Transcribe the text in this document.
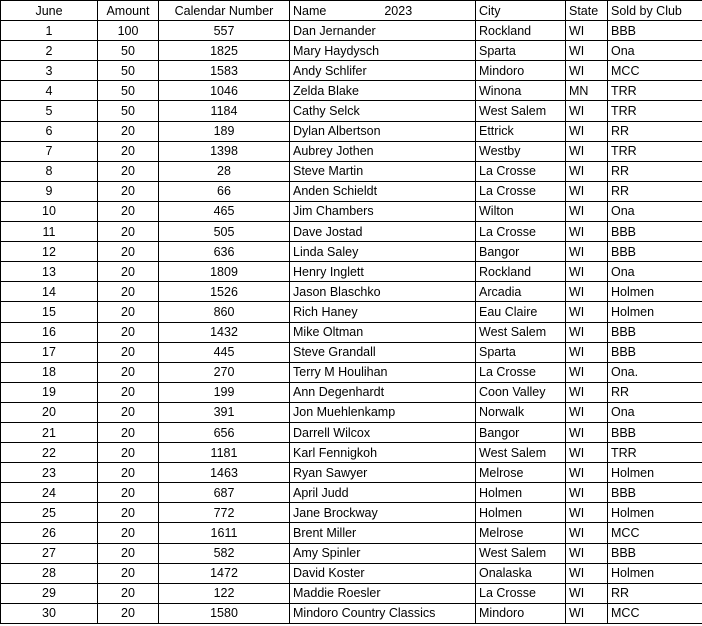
June	Amount	Calendar Number	Name 2023	City	State	Sold by Club
1	100	557	Dan Jernander	Rockland	WI	BBB
2	50	1825	Mary Haydysch	Sparta	WI	Ona
3	50	1583	Andy Schlifer	Mindoro	WI	MCC
4	50	1046	Zelda Blake	Winona	MN	TRR
5	50	1184	Cathy Selck	West Salem	WI	TRR
6	20	189	Dylan Albertson	Ettrick	WI	RR
7	20	1398	Aubrey Jothen	Westby	WI	TRR
8	20	28	Steve Martin	La Crosse	WI	RR
9	20	66	Anden Schieldt	La Crosse	WI	RR
10	20	465	Jim Chambers	Wilton	WI	Ona
11	20	505	Dave Jostad	La Crosse	WI	BBB
12	20	636	Linda Saley	Bangor	WI	BBB
13	20	1809	Henry Inglett	Rockland	WI	Ona
14	20	1526	Jason Blaschko	Arcadia	WI	Holmen
15	20	860	Rich Haney	Eau Claire	WI	Holmen
16	20	1432	Mike Oltman	West Salem	WI	BBB
17	20	445	Steve Grandall	Sparta	WI	BBB
18	20	270	Terry M Houlihan	La Crosse	WI	Ona.
19	20	199	Ann Degenhardt	Coon Valley	WI	RR
20	20	391	Jon Muehlenkamp	Norwalk	WI	Ona
21	20	656	Darrell Wilcox	Bangor	WI	BBB
22	20	1181	Karl Fennigkoh	West Salem	WI	TRR
23	20	1463	Ryan Sawyer	Melrose	WI	Holmen
24	20	687	April Judd	Holmen	WI	BBB
25	20	772	Jane Brockway	Holmen	WI	Holmen
26	20	1611	Brent Miller	Melrose	WI	MCC
27	20	582	Amy Spinler	West Salem	WI	BBB
28	20	1472	David Koster	Onalaska	WI	Holmen
29	20	122	Maddie Roesler	La Crosse	WI	RR
30	20	1580	Mindoro Country Classics	Mindoro	WI	MCC
